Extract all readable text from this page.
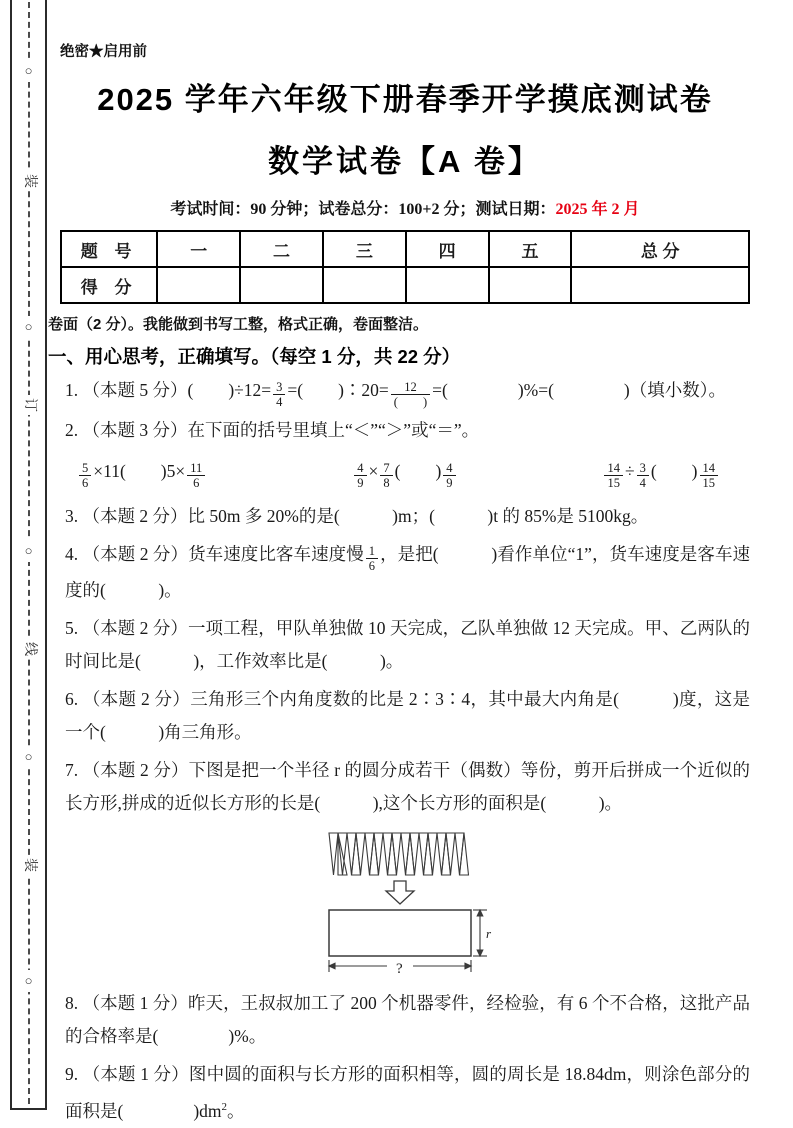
○
装
○
订
○
线
○
装
○
绝密★启用前
2025 学年六年级下册春季开学摸底测试卷
数学试卷【A 卷】
考试时间：90 分钟；试卷总分：100+2 分；测试日期：2025 年 2 月
题 号	一	二	三	四	五	总 分
得 分						
卷面（2 分）。我能做到书写工整，格式正确，卷面整洁。
一、用心思考，正确填写。（每空 1 分，共 22 分）
1. （本题 5 分）(　　)$\div 12= \frac{3}{4}$ =(　　)∶20= $\frac{12}{( )}$ =(　　　　)%=(　　　　)（填小数）。
2. （本题 3 分）在下面的括号里填上“＜”“＞”或“＝”。
$\frac{5}{6} \times 11$(　　)$5\times \frac{11}{6}$	$\frac{4}{9} \times \frac{7}{8}$ (　　) $\frac{4}{9}$	$\frac{14}{15} \div \frac{3}{4}$ (　　) $\frac{14}{15}$
3. （本题 2 分）比 50m 多 20%的是(　　　)m；(　　　)t 的 85%是 5100kg。
4. （本题 2 分）货车速度比客车速度慢 $\frac{1}{6}$ ，是把(　　　)看作单位“1”，货车速度是客车速度的(　　　)。
5. （本题 2 分）一项工程，甲队单独做 10 天完成，乙队单独做 12 天完成。甲、乙两队的时间比是(　　　)，工作效率比是(　　　)。
6. （本题 2 分）三角形三个内角度数的比是 2∶3∶4，其中最大内角是(　　　)度，这是一个(　　　)角三角形。
7. （本题 2 分）下图是把一个半径 r 的圆分成若干（偶数）等份，剪开后拼成一个近似的长方形,拼成的近似长方形的长是(　　　),这个长方形的面积是(　　　)。
r
?
8. （本题 1 分）昨天，王叔叔加工了 200 个机器零件，经检验，有 6 个不合格，这批产品的合格率是(　　　　)%。
9. （本题 1 分）图中圆的面积与长方形的面积相等，圆的周长是 18.84dm，则涂色部分的面积是(　　　　)$dm^2$。
